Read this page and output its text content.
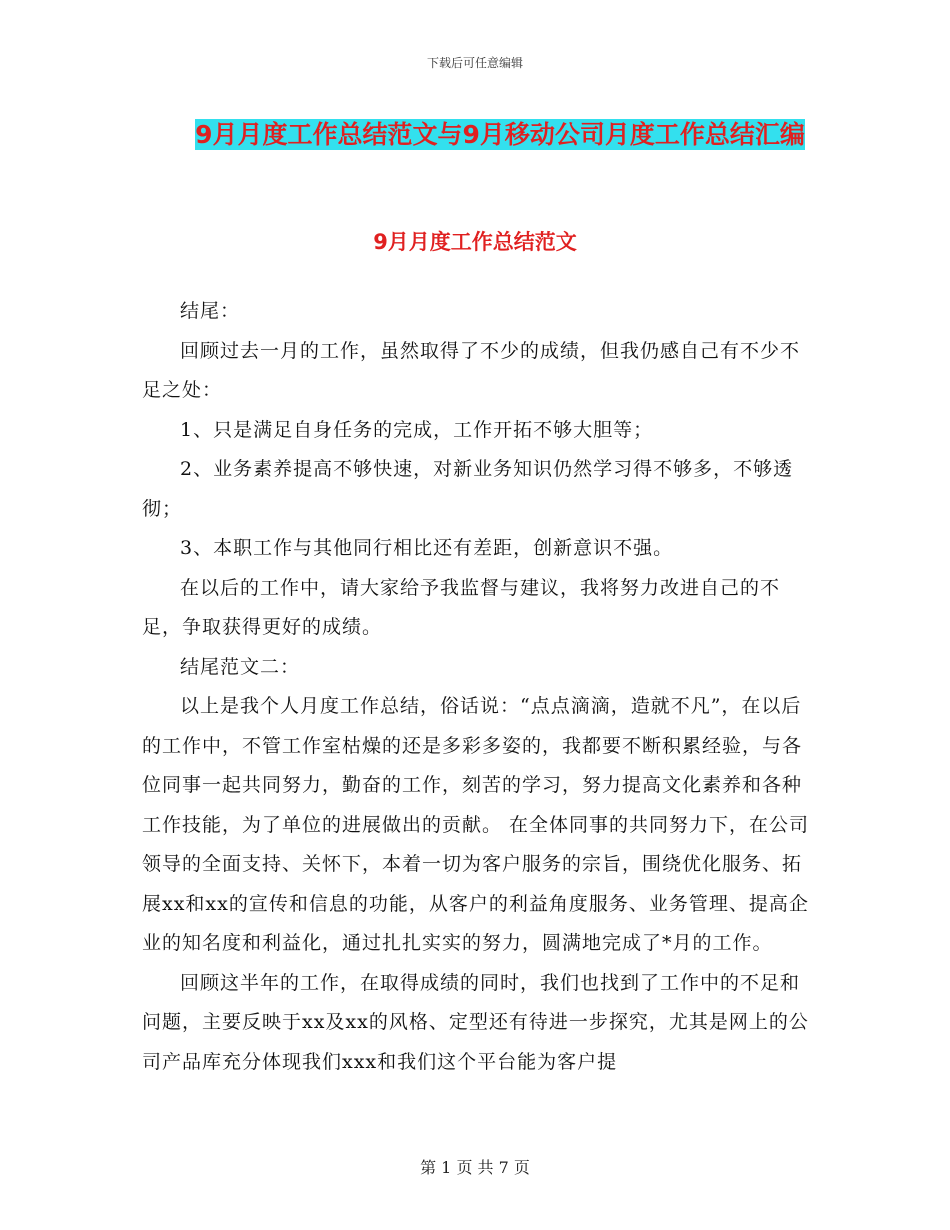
下载后可任意编辑
9月月度工作总结范文与9月移动公司月度工作总结汇编
9月月度工作总结范文

结尾：

回顾过去一月的工作，虽然取得了不少的成绩，但我仍感自己有不少不足之处：

1、只是满足自身任务的完成，工作开拓不够大胆等；

2、业务素养提高不够快速，对新业务知识仍然学习得不够多，不够透彻；

3、本职工作与其他同行相比还有差距，创新意识不强。

在以后的工作中，请大家给予我监督与建议，我将努力改进自己的不足，争取获得更好的成绩。

结尾范文二：

以上是我个人月度工作总结，俗话说：“点点滴滴，造就不凡”，在以后的工作中，不管工作室枯燥的还是多彩多姿的，我都要不断积累经验，与各位同事一起共同努力，勤奋的工作，刻苦的学习，努力提高文化素养和各种工作技能，为了单位的进展做出的贡献。 在全体同事的共同努力下，在公司领导的全面支持、关怀下，本着一切为客户服务的宗旨，围绕优化服务、拓展xx和xx的宣传和信息的功能，从客户的利益角度服务、业务管理、提高企业的知名度和利益化，通过扎扎实实的努力，圆满地完成了*月的工作。

回顾这半年的工作，在取得成绩的同时，我们也找到了工作中的不足和问题，主要反映于xx及xx的风格、定型还有待进一步探究，尤其是网上的公司产品库充分体现我们xxx和我们这个平台能为客户提

第 1 页 共 7 页
